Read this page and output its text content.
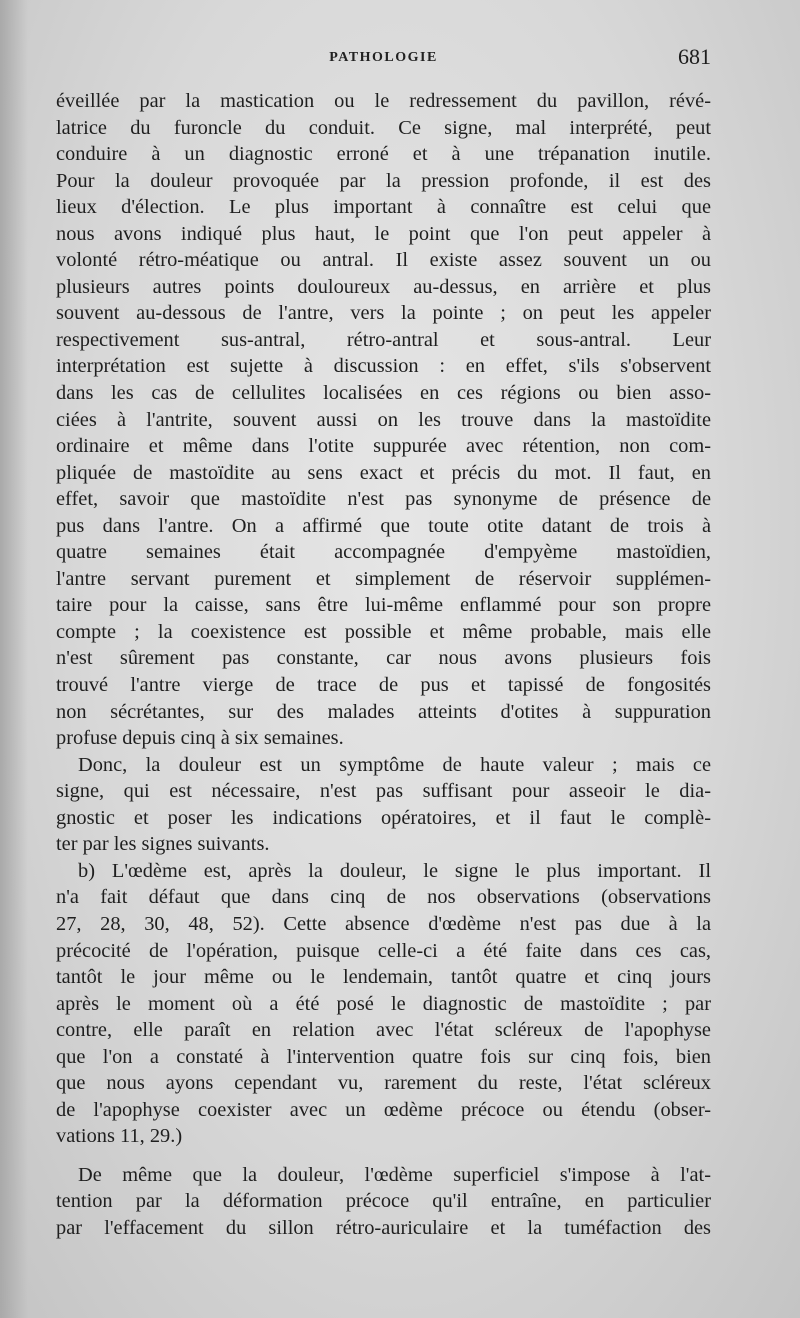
PATHOLOGIE	681
éveillée par la mastication ou le redressement du pavillon, révé-
latrice du furoncle du conduit. Ce signe, mal interprété, peut
conduire à un diagnostic erroné et à une trépanation inutile.
Pour la douleur provoquée par la pression profonde, il est des
lieux d'élection. Le plus important à connaître est celui que
nous avons indiqué plus haut, le point que l'on peut appeler à
volonté rétro-méatique ou antral. Il existe assez souvent un ou
plusieurs autres points douloureux au-dessus, en arrière et plus
souvent au-dessous de l'antre, vers la pointe ; on peut les appeler
respectivement sus-antral, rétro-antral et sous-antral. Leur
interprétation est sujette à discussion : en effet, s'ils s'observent
dans les cas de cellulites localisées en ces régions ou bien asso-
ciées à l'antrite, souvent aussi on les trouve dans la mastoïdite
ordinaire et même dans l'otite suppurée avec rétention, non com-
pliquée de mastoïdite au sens exact et précis du mot. Il faut, en
effet, savoir que mastoïdite n'est pas synonyme de présence de
pus dans l'antre. On a affirmé que toute otite datant de trois à
quatre semaines était accompagnée d'empyème mastoïdien,
l'antre servant purement et simplement de réservoir supplémen-
taire pour la caisse, sans être lui-même enflammé pour son propre
compte ; la coexistence est possible et même probable, mais elle
n'est sûrement pas constante, car nous avons plusieurs fois
trouvé l'antre vierge de trace de pus et tapissé de fongosités
non sécrétantes, sur des malades atteints d'otites à suppuration
profuse depuis cinq à six semaines.
Donc, la douleur est un symptôme de haute valeur ; mais ce
signe, qui est nécessaire, n'est pas suffisant pour asseoir le dia-
gnostic et poser les indications opératoires, et il faut le complè-
ter par les signes suivants.
b) L'œdème est, après la douleur, le signe le plus important. Il
n'a fait défaut que dans cinq de nos observations (observations
27, 28, 30, 48, 52). Cette absence d'œdème n'est pas due à la
précocité de l'opération, puisque celle-ci a été faite dans ces cas,
tantôt le jour même ou le lendemain, tantôt quatre et cinq jours
après le moment où a été posé le diagnostic de mastoïdite ; par
contre, elle paraît en relation avec l'état scléreux de l'apophyse
que l'on a constaté à l'intervention quatre fois sur cinq fois, bien
que nous ayons cependant vu, rarement du reste, l'état scléreux
de l'apophyse coexister avec un œdème précoce ou étendu (obser-
vations 11, 29.)
De même que la douleur, l'œdème superficiel s'impose à l'at-
tention par la déformation précoce qu'il entraîne, en particulier
par l'effacement du sillon rétro-auriculaire et la tuméfaction des
